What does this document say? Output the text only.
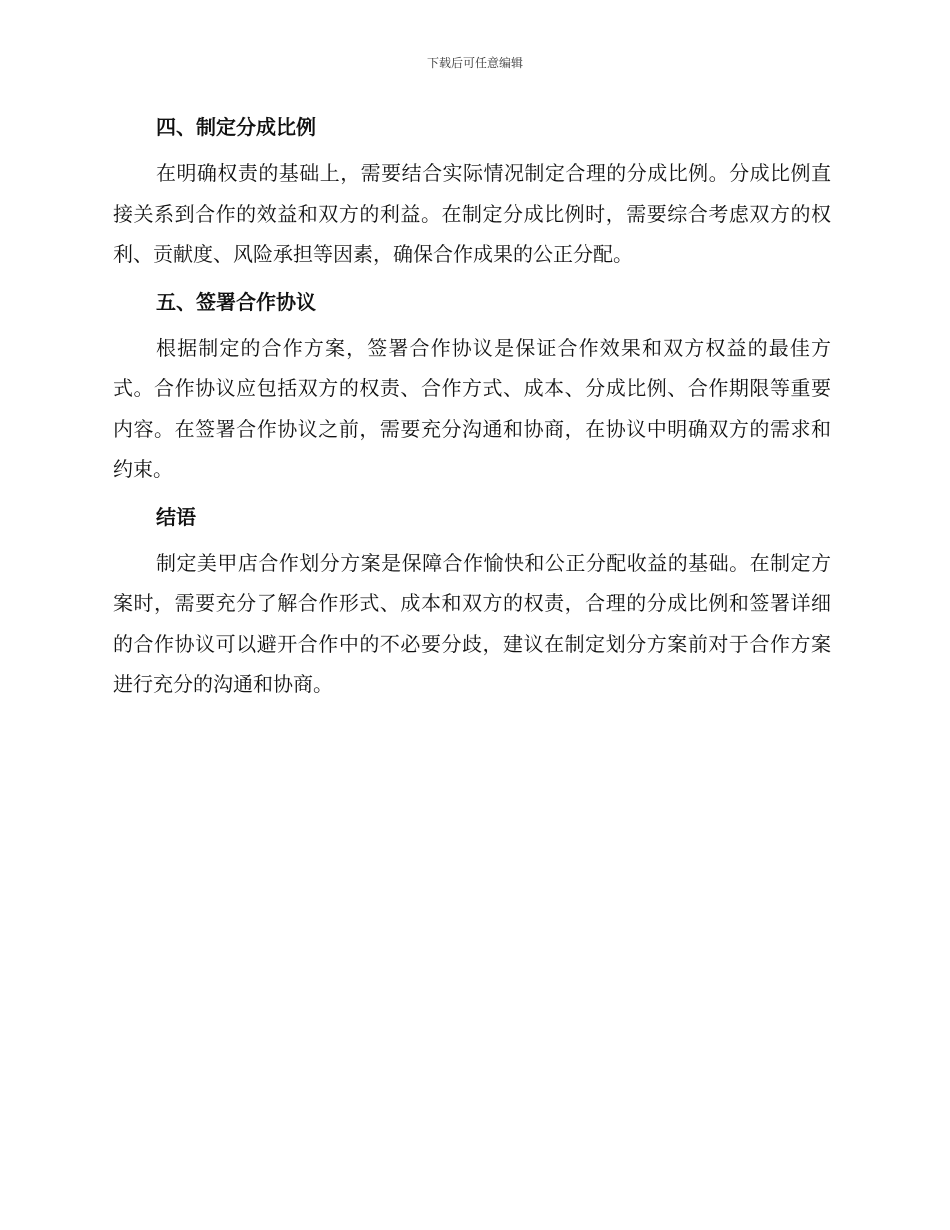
下载后可任意编辑
四、制定分成比例

在明确权责的基础上，需要结合实际情况制定合理的分成比例。分成比例直接关系到合作的效益和双方的利益。在制定分成比例时，需要综合考虑双方的权利、贡献度、风险承担等因素，确保合作成果的公正分配。

五、签署合作协议

根据制定的合作方案，签署合作协议是保证合作效果和双方权益的最佳方式。合作协议应包括双方的权责、合作方式、成本、分成比例、合作期限等重要内容。在签署合作协议之前，需要充分沟通和协商，在协议中明确双方的需求和约束。

结语

制定美甲店合作划分方案是保障合作愉快和公正分配收益的基础。在制定方案时，需要充分了解合作形式、成本和双方的权责，合理的分成比例和签署详细的合作协议可以避开合作中的不必要分歧，建议在制定划分方案前对于合作方案进行充分的沟通和协商。
